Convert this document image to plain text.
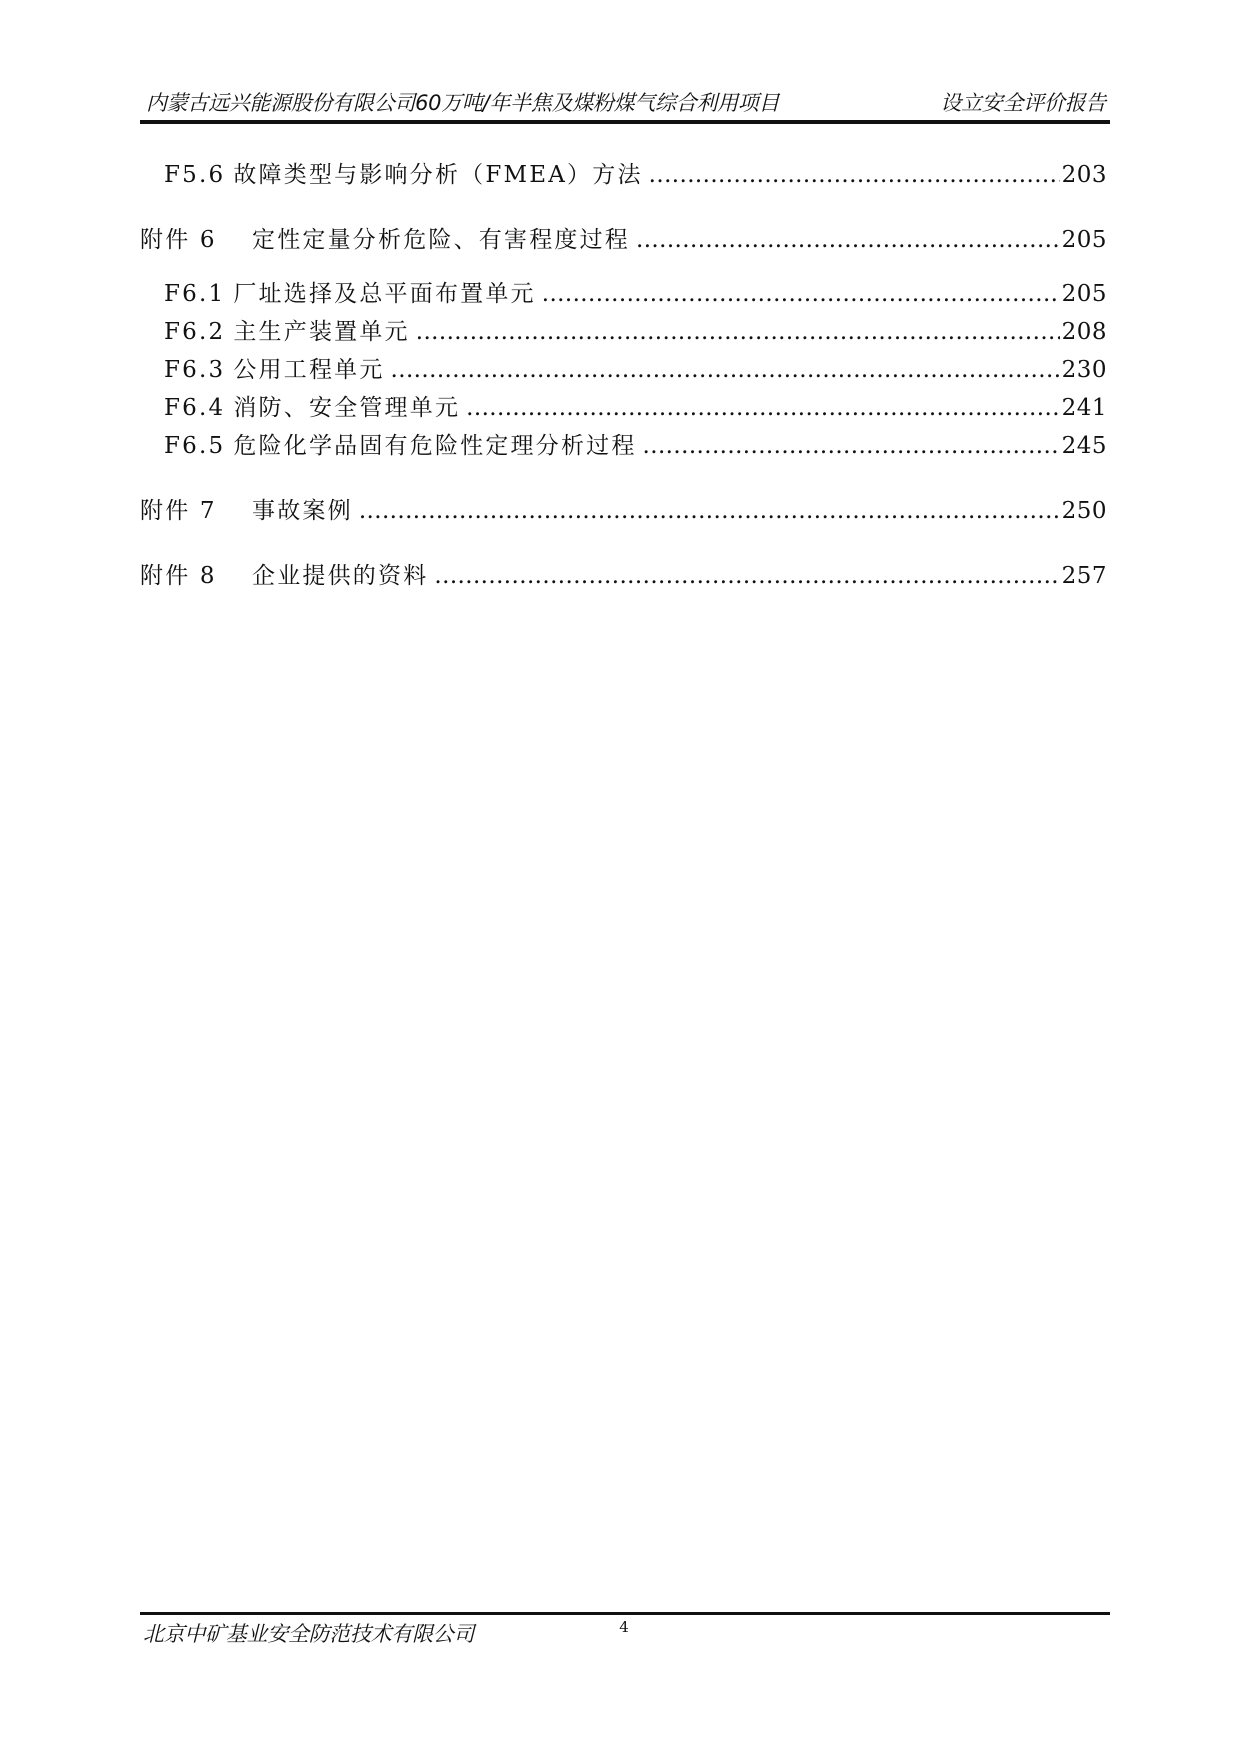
内蒙古远兴能源股份有限公司60万吨/年半焦及煤粉煤气综合利用项目	设立安全评价报告
F5.6 故障类型与影响分析（FMEA）方法 .....	203
附件 6	定性定量分析危险、有害程度过程 .....	205
F6.1 厂址选择及总平面布置单元 .....	205
F6.2 主生产装置单元 .....	208
F6.3 公用工程单元 .....	230
F6.4 消防、安全管理单元 .....	241
F6.5 危险化学品固有危险性定理分析过程 .....	245
附件 7	事故案例 .....	250
附件 8	企业提供的资料 .....	257
北京中矿基业安全防范技术有限公司	4
